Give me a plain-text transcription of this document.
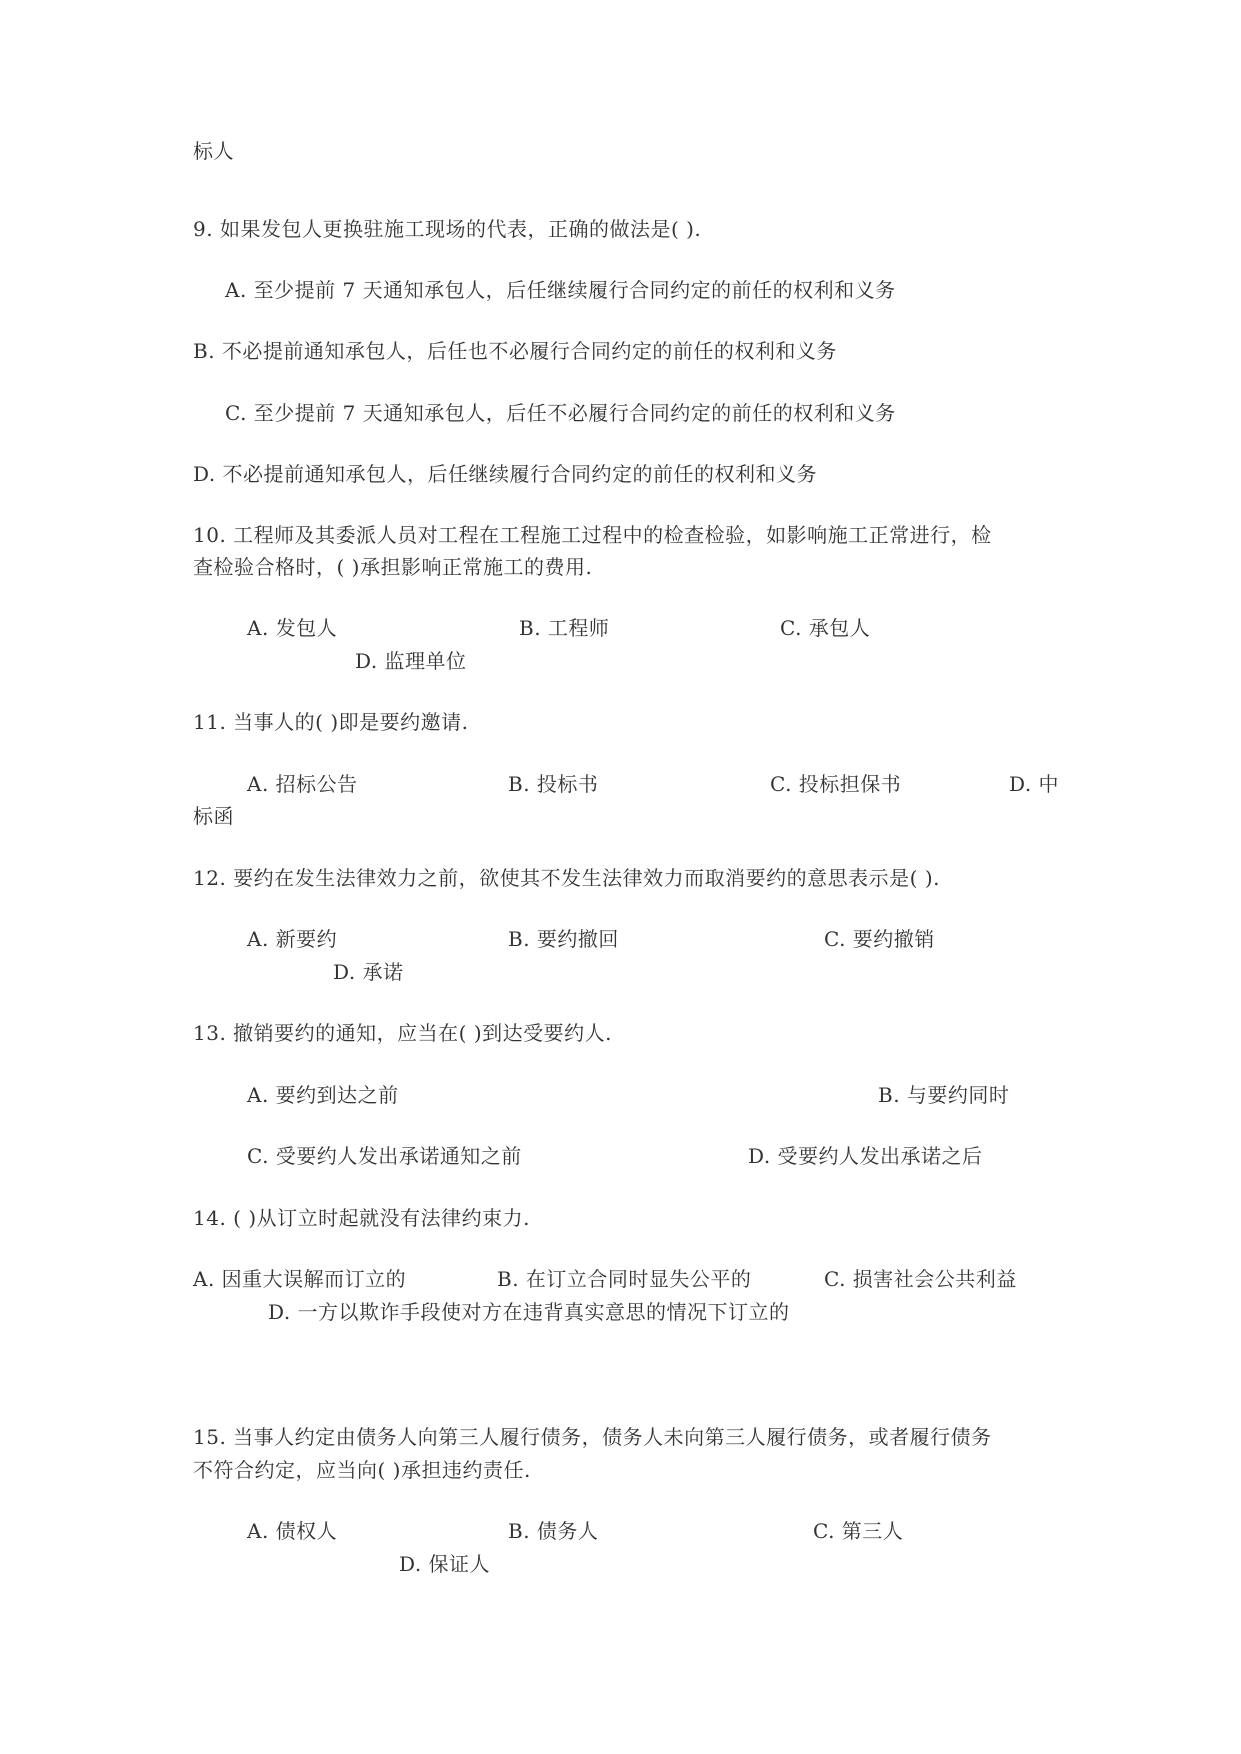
标人
9. 如果发包人更换驻施工现场的代表，正确的做法是( ).
A. 至少提前 7 天通知承包人，后任继续履行合同约定的前任的权利和义务
B. 不必提前通知承包人，后任也不必履行合同约定的前任的权利和义务
C. 至少提前 7 天通知承包人，后任不必履行合同约定的前任的权利和义务
D. 不必提前通知承包人，后任继续履行合同约定的前任的权利和义务
10. 工程师及其委派人员对工程在工程施工过程中的检查检验，如影响施工正常进行，检
查检验合格时，( )承担影响正常施工的费用.
A. 发包人	B. 工程师	C. 承包人
D. 监理单位
11. 当事人的( )即是要约邀请.
A. 招标公告	B. 投标书	C. 投标担保书	D. 中
标函
12. 要约在发生法律效力之前，欲使其不发生法律效力而取消要约的意思表示是( ).
A. 新要约	B. 要约撤回	C. 要约撤销
D. 承诺
13. 撤销要约的通知，应当在( )到达受要约人.
A. 要约到达之前	B. 与要约同时
C. 受要约人发出承诺通知之前	D. 受要约人发出承诺之后
14. ( )从订立时起就没有法律约束力.
A. 因重大误解而订立的	B. 在订立合同时显失公平的	C. 损害社会公共利益
D. 一方以欺诈手段使对方在违背真实意思的情况下订立的
15. 当事人约定由债务人向第三人履行债务，债务人未向第三人履行债务，或者履行债务
不符合约定，应当向( )承担违约责任.
A. 债权人	B. 债务人	C. 第三人
D. 保证人
